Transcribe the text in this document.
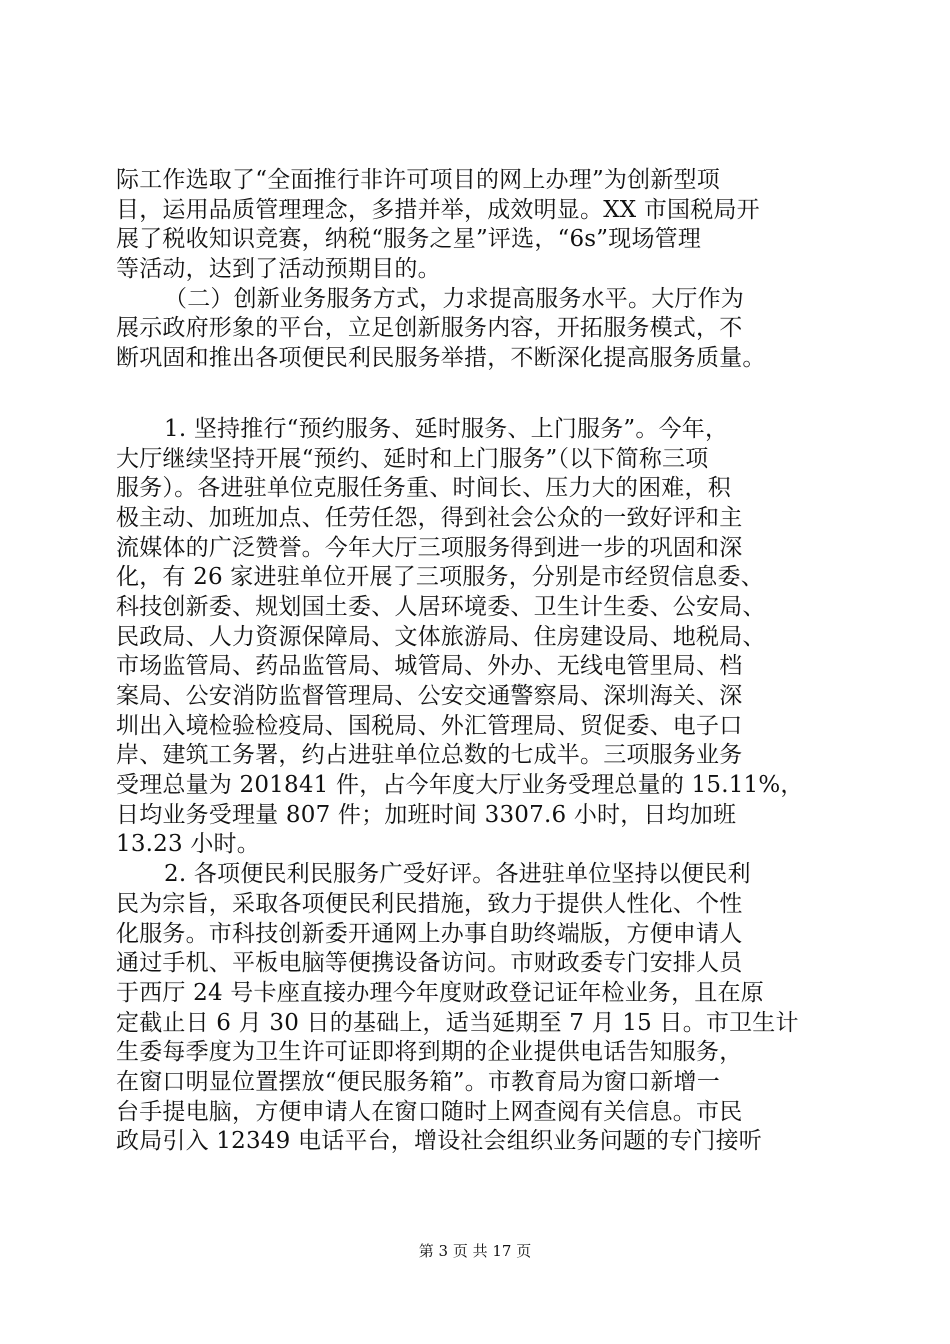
际工作选取了“全面推行非许可项目的网上办理”为创新型项
目，运用品质管理理念，多措并举，成效明显。XX 市国税局开
展了税收知识竞赛，纳税“服务之星”评选，“6s”现场管理
等活动，达到了活动预期目的。
（二）创新业务服务方式，力求提高服务水平。大厅作为
展示政府形象的平台，立足创新服务内容，开拓服务模式，不
断巩固和推出各项便民利民服务举措，不断深化提高服务质量。
1. 坚持推行“预约服务、延时服务、上门服务”。今年，
大厅继续坚持开展“预约、延时和上门服务”（以下简称三项
服务）。各进驻单位克服任务重、时间长、压力大的困难，积
极主动、加班加点、任劳任怨，得到社会公众的一致好评和主
流媒体的广泛赞誉。今年大厅三项服务得到进一步的巩固和深
化，有 26 家进驻单位开展了三项服务，分别是市经贸信息委、
科技创新委、规划国土委、人居环境委、卫生计生委、公安局、
民政局、人力资源保障局、文体旅游局、住房建设局、地税局、
市场监管局、药品监管局、城管局、外办、无线电管里局、档
案局、公安消防监督管理局、公安交通警察局、深圳海关、深
圳出入境检验检疫局、国税局、外汇管理局、贸促委、电子口
岸、建筑工务署，约占进驻单位总数的七成半。三项服务业务
受理总量为 201841 件，占今年度大厅业务受理总量的 15.11%，
日均业务受理量 807 件；加班时间 3307.6 小时，日均加班
13.23 小时。
2. 各项便民利民服务广受好评。各进驻单位坚持以便民利
民为宗旨，采取各项便民利民措施，致力于提供人性化、个性
化服务。市科技创新委开通网上办事自助终端版，方便申请人
通过手机、平板电脑等便携设备访问。市财政委专门安排人员
于西厅 24 号卡座直接办理今年度财政登记证年检业务，且在原
定截止日 6 月 30 日的基础上，适当延期至 7 月 15 日。市卫生计
生委每季度为卫生许可证即将到期的企业提供电话告知服务，
在窗口明显位置摆放“便民服务箱”。市教育局为窗口新增一
台手提电脑，方便申请人在窗口随时上网查阅有关信息。市民
政局引入 12349 电话平台，增设社会组织业务问题的专门接听
第 3 页 共 17 页
